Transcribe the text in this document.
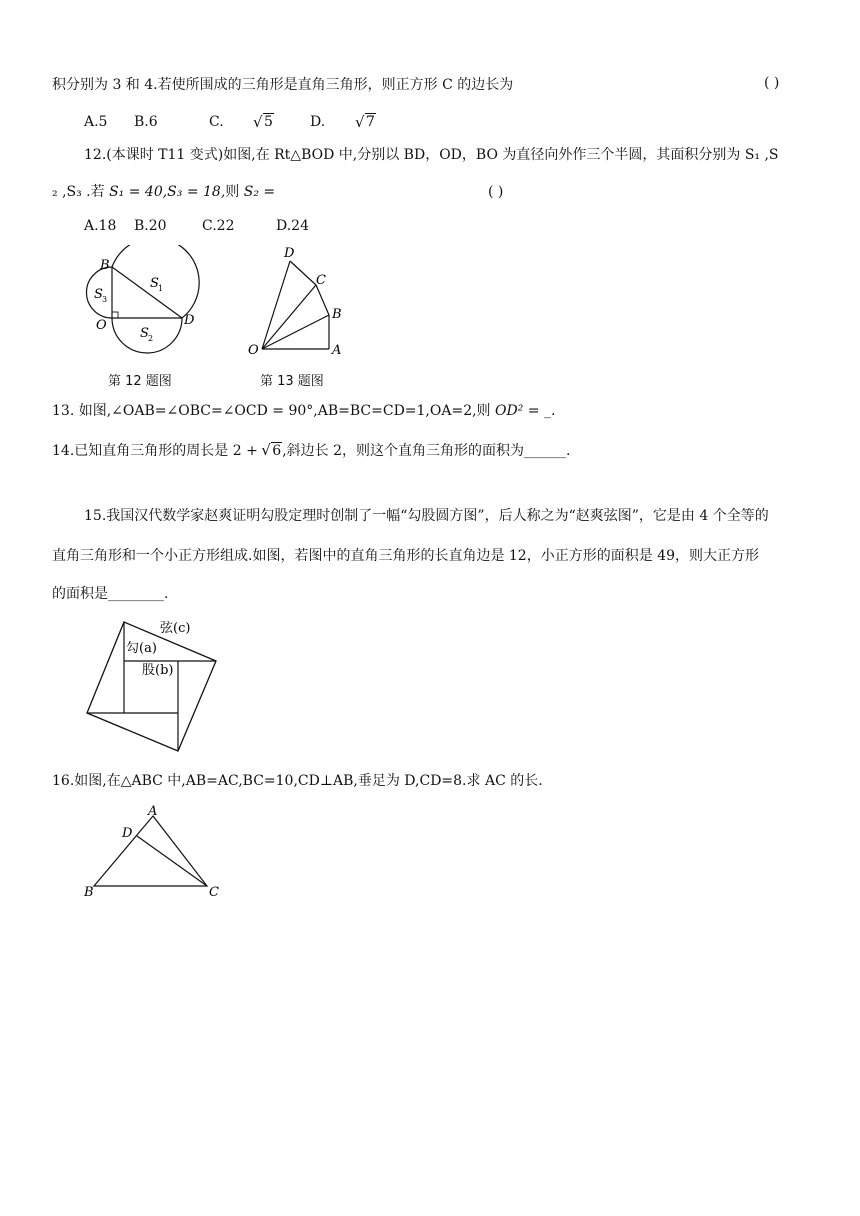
积分别为 3 和 4.若使所围成的三角形是直角三角形，则正方形 C 的边长为	( )
A.5 B.6	C.	√ 5	D.	√ 7
12.(本课时 T11 变式)如图,在 Rt△BOD 中,分别以 BD，OD，BO 为直径向外作三个半圆，其面积分别为 S₁ ,S
₂ ,S₃ .若 S₁ = 40,S₃ = 18,则 S₂ =	( )
A.18 B.20	C.22	D.24
B
O	D
S 1
S 3
S 2
第 12 题图
D
C
B
O	A
第 13 题图
13. 如图,∠OAB=∠OBC=∠OCD = 90°,AB=BC=CD=1,OA=2,则 OD² = _.
14.已知直角三角形的周长是 2 + √ 6,斜边长 2，则这个直角三角形的面积为______.
15.我国汉代数学家赵爽证明勾股定理时创制了一幅“勾股圆方图”，后人称之为“赵爽弦图”，它是由 4 个全等的
直角三角形和一个小正方形组成.如图，若图中的直角三角形的长直角边是 12，小正方形的面积是 49，则大正方形
的面积是________.
弦(c)
勾(a)
股(b)
16.如图,在△ABC 中,AB=AC,BC=10,CD⊥AB,垂足为 D,CD=8.求 AC 的长.
A
D
B	C
